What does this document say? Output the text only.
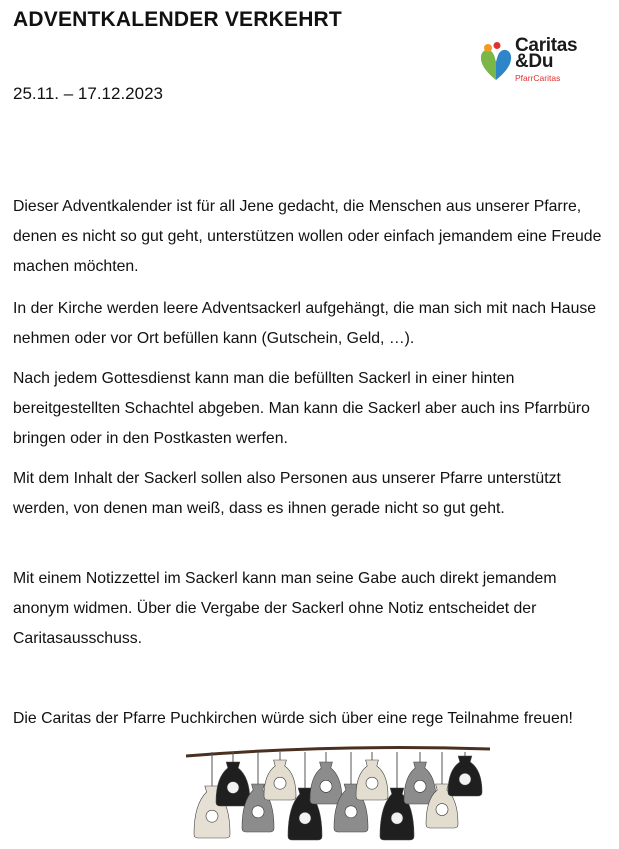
ADVENTKALENDER VERKEHRT
Caritas
&Du
PfarrCaritas

25.11. – 17.12.2023

Dieser Adventkalender ist für all Jene gedacht, die Menschen aus unserer Pfarre, denen es nicht so gut geht, unterstützen wollen oder einfach jemandem eine Freude machen möchten.

In der Kirche werden leere Adventsackerl aufgehängt, die man sich mit nach Hause nehmen oder vor Ort befüllen kann (Gutschein, Geld, …).

Nach jedem Gottesdienst kann man die befüllten Sackerl in einer hinten bereitgestellten Schachtel abgeben. Man kann die Sackerl aber auch ins Pfarrbüro bringen oder in den Postkasten werfen.

Mit dem Inhalt der Sackerl sollen also Personen aus unserer Pfarre unterstützt werden, von denen man weiß, dass es ihnen gerade nicht so gut geht.

Mit einem Notizzettel im Sackerl kann man seine Gabe auch direkt jemandem anonym widmen. Über die Vergabe der Sackerl ohne Notiz entscheidet der Caritasausschuss.

Die Caritas der Pfarre Puchkirchen würde sich über eine rege Teilnahme freuen!
